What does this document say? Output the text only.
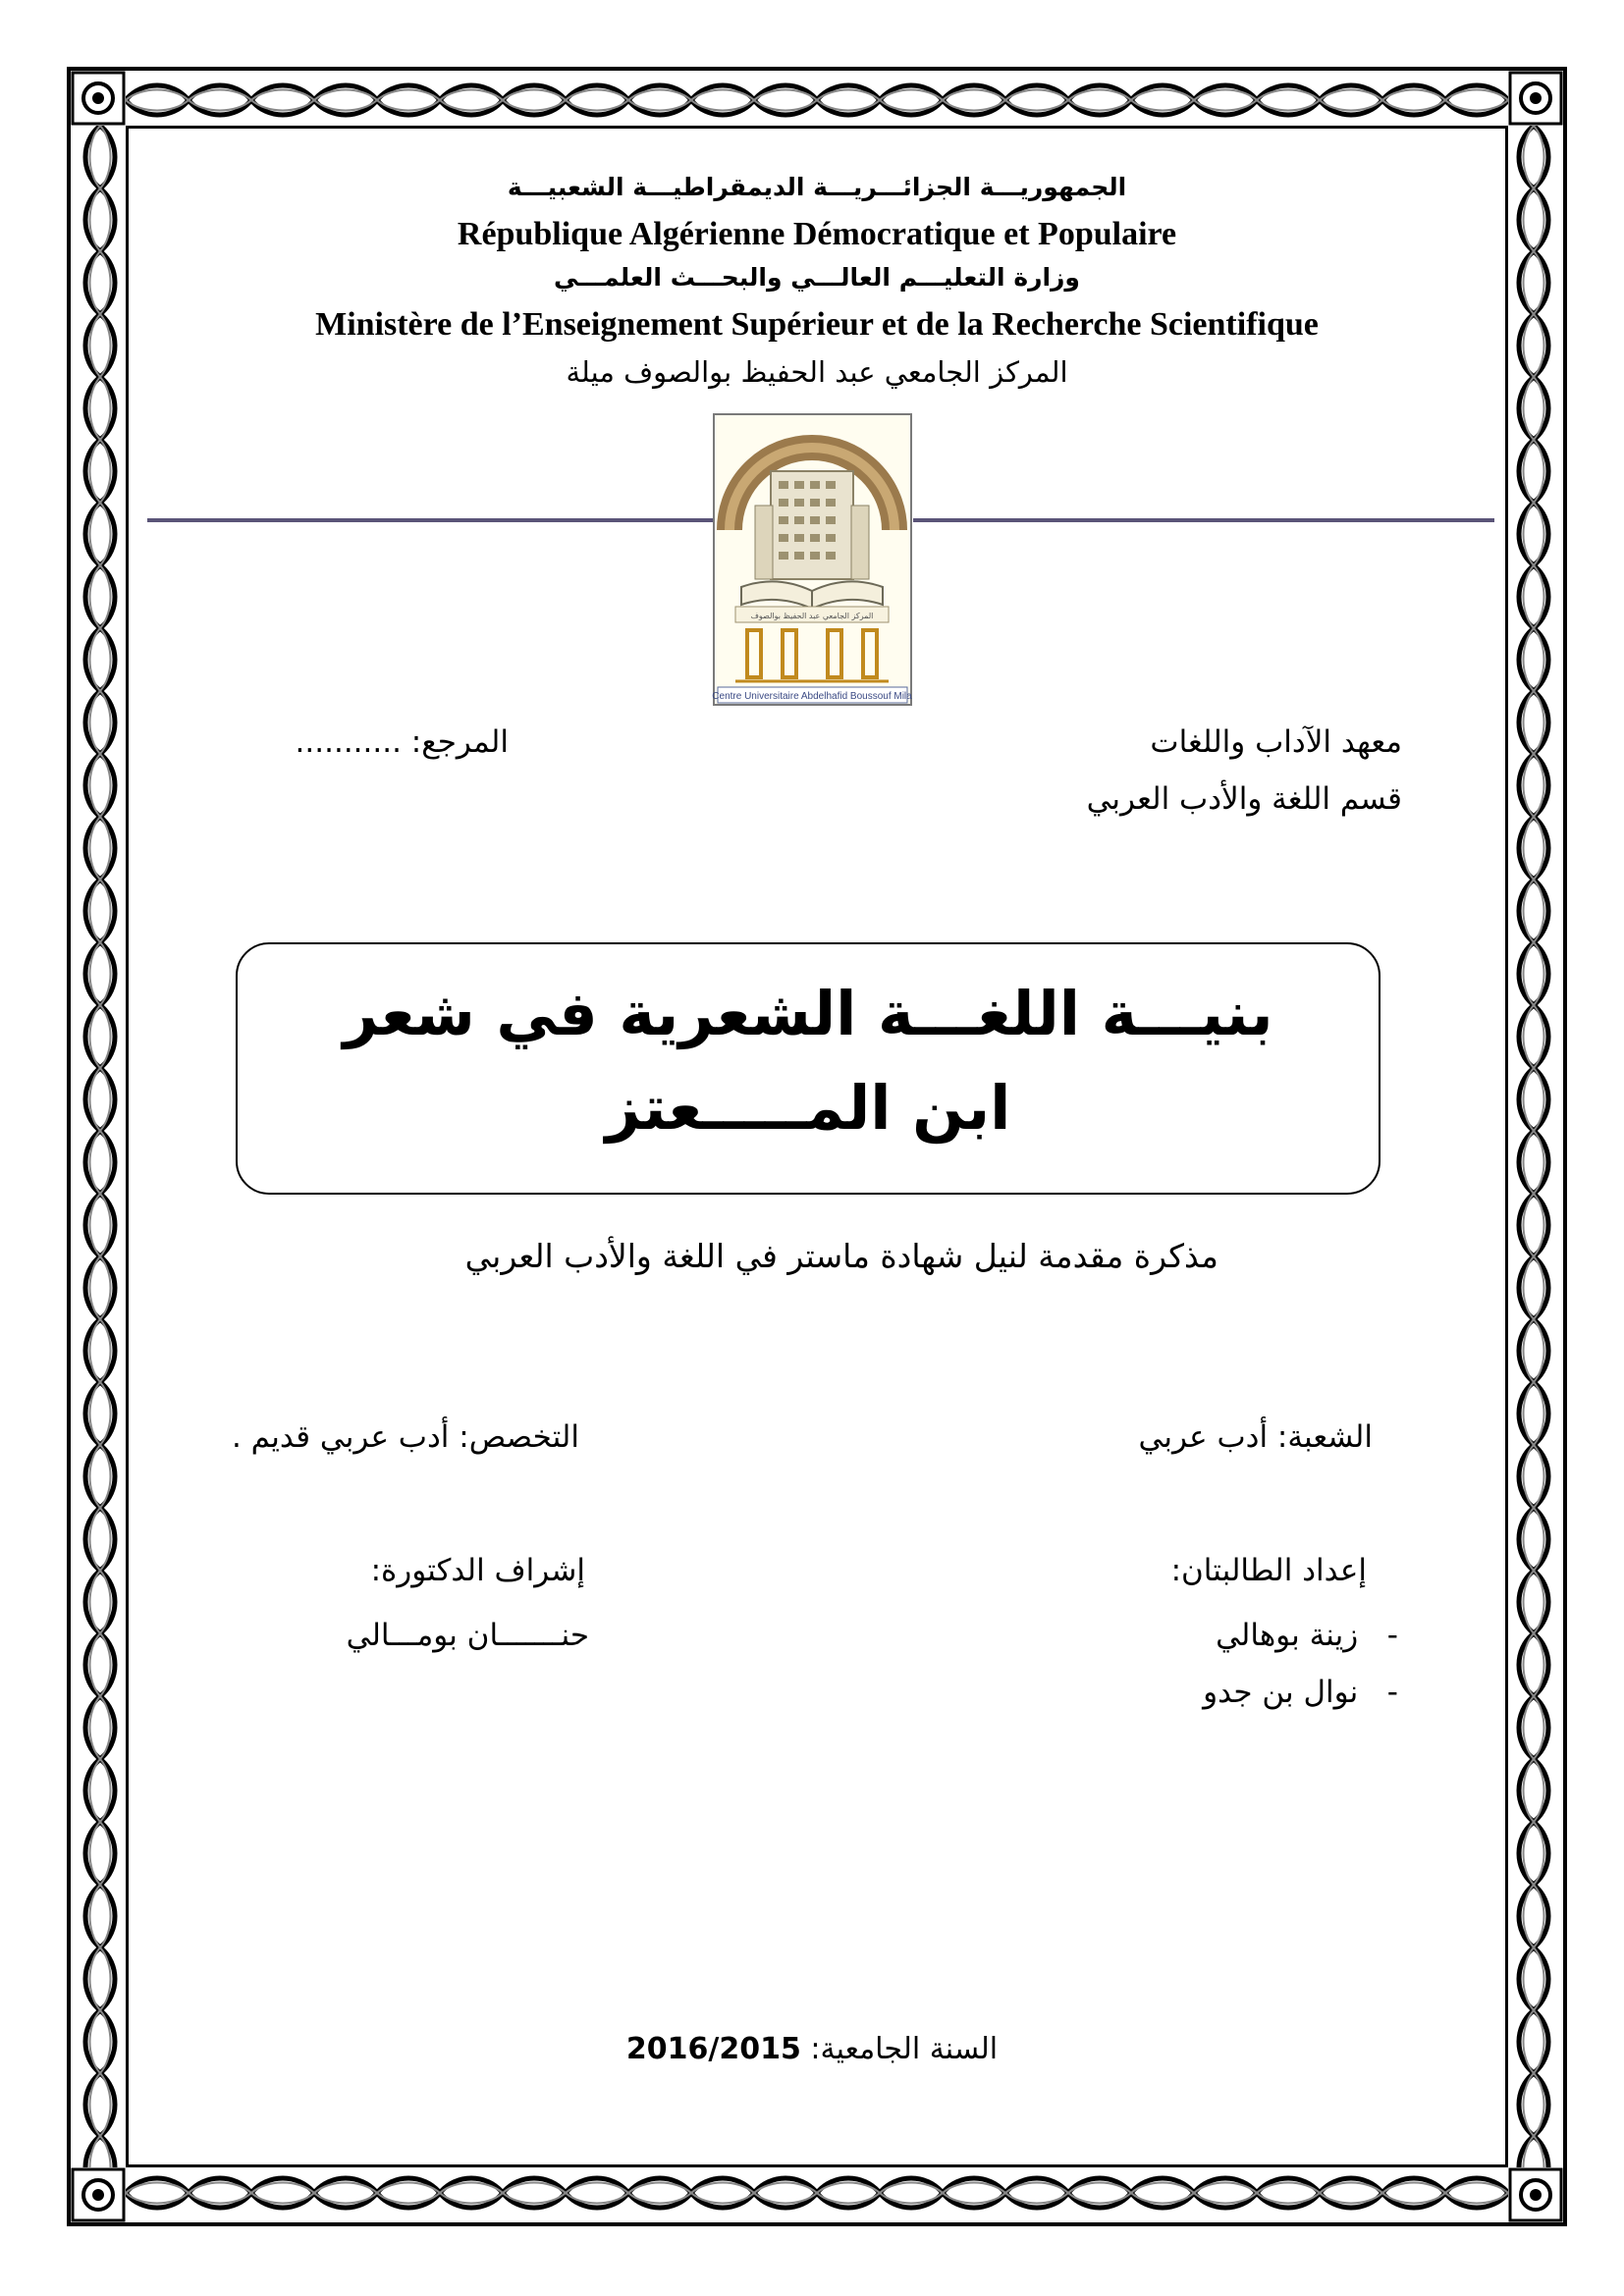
الجمهوريـــة الجزائـــريـــة الديمقراطيـــة الشعبيـــة
République Algérienne Démocratique et Populaire
وزارة التعليـــم العالـــي والبحـــث العلمـــي
Ministère de l’Enseignement Supérieur et de la Recherche Scientifique
المركز الجامعي عبد الحفيظ بوالصوف ميلة
المركز الجامعي عبد الحفيظ بوالصوف
Centre Universitaire Abdelhafid Boussouf Mila
معهد الآداب واللغات
قسم اللغة والأدب العربي
المرجع: ...........
بنيـــة اللغـــة الشعرية في شعر
ابن المـــــعتز
مذكرة مقدمة لنيل شهادة ماستر في اللغة والأدب العربي
الشعبة: أدب عربي
التخصص: أدب عربي قديم .
إعداد الطالبتان:
-   زينة بوهالي
-   نوال بن جدو
إشراف الدكتورة:
حنـــــــان بومـــالي
السنة الجامعية: 2016/2015
